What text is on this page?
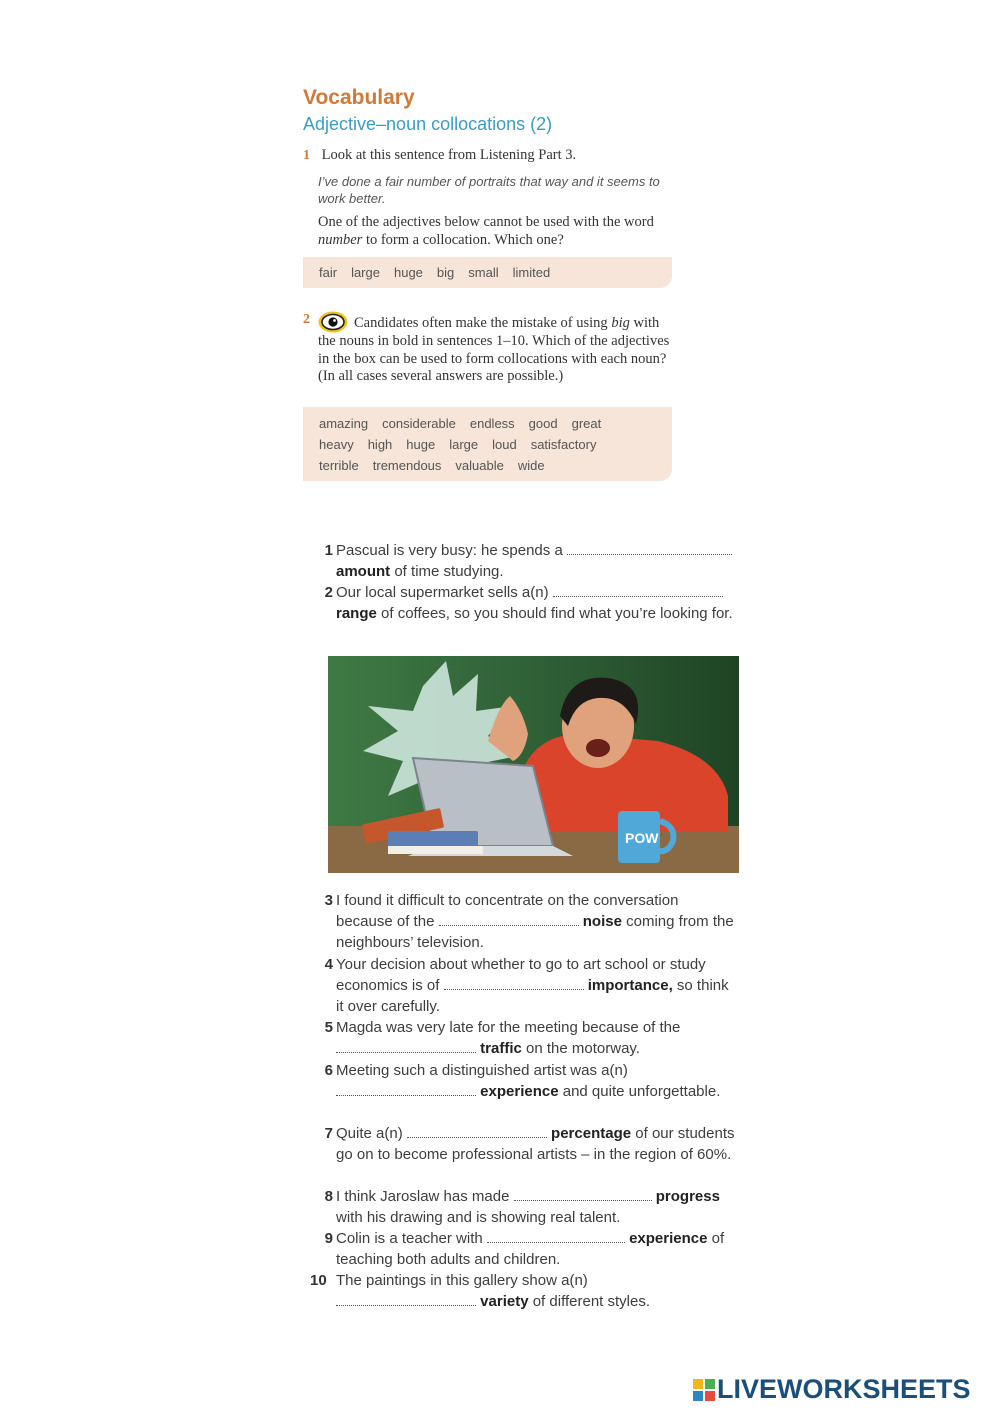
Vocabulary
Adjective–noun collocations (2)
1 Look at this sentence from Listening Part 3.
I’ve done a fair number of portraits that way and it seems to work better.
One of the adjectives below cannot be used with the word number to form a collocation. Which one?
fair large huge big small limited
2	Candidates often make the mistake of using big with the nouns in bold in sentences 1–10. Which of the adjectives in the box can be used to form collocations with each noun? (In all cases several answers are possible.)
amazing considerable endless good great
heavy high huge large loud satisfactory
terrible tremendous valuable wide
1 Pascual is very busy: he spends a
amount of time studying.
2 Our local supermarket sells a(n)
range of coffees, so you should find what you’re looking for.
POW
3 I found it difficult to concentrate on the conversation because of the	noise coming from the neighbours’ television.
4 Your decision about whether to go to art school or study economics is of	importance, so think it over carefully.
5 Magda was very late for the meeting because of the
traffic on the motorway.
6 Meeting such a distinguished artist was a(n)
experience and quite unforgettable.
7 Quite a(n)	percentage of our students go on to become professional artists – in the region of 60%.
8 I think Jaroslaw has made	progress with his drawing and is showing real talent.
9 Colin is a teacher with	experience of teaching both adults and children.
10 The paintings in this gallery show a(n)
variety of different styles.
LIVEWORKSHEETS
